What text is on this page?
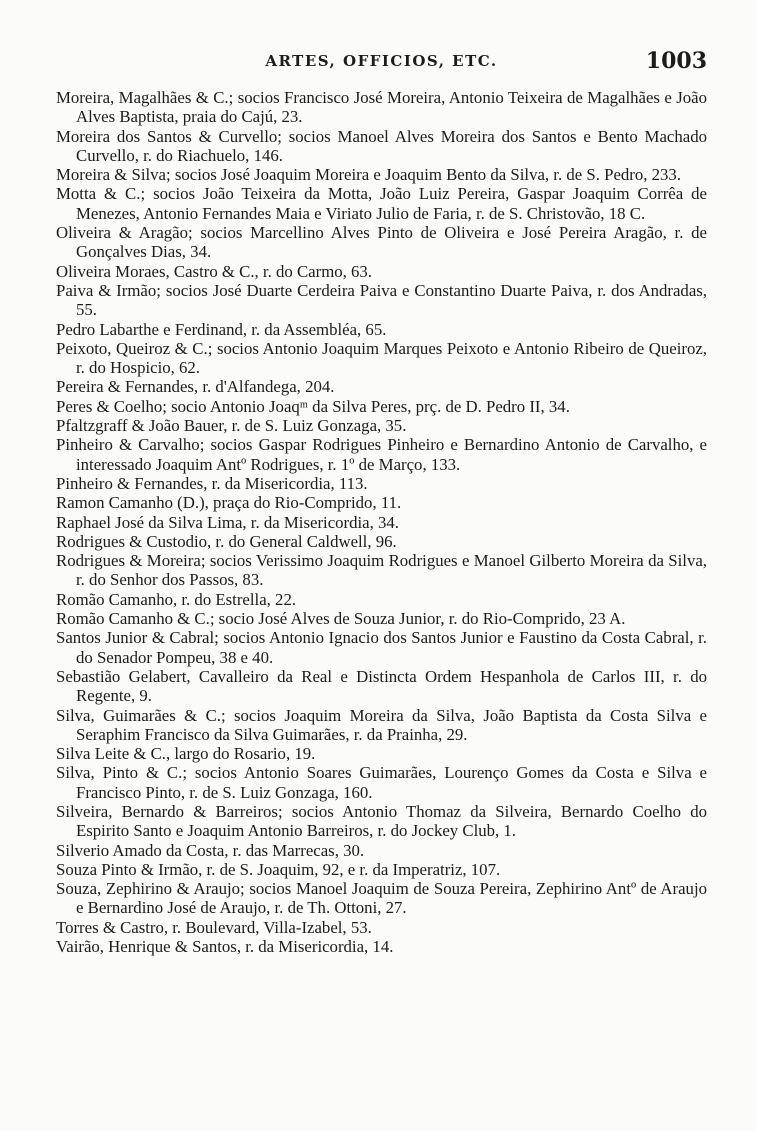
ARTES, OFFICIOS, ETC.	1003
Moreira, Magalhães & C.; socios Francisco José Moreira, Antonio Teixeira de Magalhães e João Alves Baptista, praia do Cajú, 23.
Moreira dos Santos & Curvello; socios Manoel Alves Moreira dos Santos e Bento Machado Curvello, r. do Riachuelo, 146.
Moreira & Silva; socios José Joaquim Moreira e Joaquim Bento da Silva, r. de S. Pedro, 233.
Motta & C.; socios João Teixeira da Motta, João Luiz Pereira, Gaspar Joaquim Corrêa de Menezes, Antonio Fernandes Maia e Viriato Julio de Faria, r. de S. Christovão, 18 C.
Oliveira & Aragão; socios Marcellino Alves Pinto de Oliveira e José Pereira Aragão, r. de Gonçalves Dias, 34.
Oliveira Moraes, Castro & C., r. do Carmo, 63.
Paiva & Irmão; socios José Duarte Cerdeira Paiva e Constantino Duarte Paiva, r. dos Andradas, 55.
Pedro Labarthe e Ferdinand, r. da Assembléa, 65.
Peixoto, Queiroz & C.; socios Antonio Joaquim Marques Peixoto e Antonio Ribeiro de Queiroz, r. do Hospicio, 62.
Pereira & Fernandes, r. d'Alfandega, 204.
Peres & Coelho; socio Antonio Joaqᵐ da Silva Peres, prç. de D. Pedro II, 34.
Pfaltzgraff & João Bauer, r. de S. Luiz Gonzaga, 35.
Pinheiro & Carvalho; socios Gaspar Rodrigues Pinheiro e Bernardino Antonio de Carvalho, e interessado Joaquim Antº Rodrigues, r. 1º de Março, 133.
Pinheiro & Fernandes, r. da Misericordia, 113.
Ramon Camanho (D.), praça do Rio-Comprido, 11.
Raphael José da Silva Lima, r. da Misericordia, 34.
Rodrigues & Custodio, r. do General Caldwell, 96.
Rodrigues & Moreira; socios Verissimo Joaquim Rodrigues e Manoel Gilberto Moreira da Silva, r. do Senhor dos Passos, 83.
Romão Camanho, r. do Estrella, 22.
Romão Camanho & C.; socio José Alves de Souza Junior, r. do Rio-Comprido, 23 A.
Santos Junior & Cabral; socios Antonio Ignacio dos Santos Junior e Faustino da Costa Cabral, r. do Senador Pompeu, 38 e 40.
Sebastião Gelabert, Cavalleiro da Real e Distincta Ordem Hespanhola de Carlos III, r. do Regente, 9.
Silva, Guimarães & C.; socios Joaquim Moreira da Silva, João Baptista da Costa Silva e Seraphim Francisco da Silva Guimarães, r. da Prainha, 29.
Silva Leite & C., largo do Rosario, 19.
Silva, Pinto & C.; socios Antonio Soares Guimarães, Lourenço Gomes da Costa e Silva e Francisco Pinto, r. de S. Luiz Gonzaga, 160.
Silveira, Bernardo & Barreiros; socios Antonio Thomaz da Silveira, Bernardo Coelho do Espirito Santo e Joaquim Antonio Barreiros, r. do Jockey Club, 1.
Silverio Amado da Costa, r. das Marrecas, 30.
Souza Pinto & Irmão, r. de S. Joaquim, 92, e r. da Imperatriz, 107.
Souza, Zephirino & Araujo; socios Manoel Joaquim de Souza Pereira, Zephirino Antº de Araujo e Bernardino José de Araujo, r. de Th. Ottoni, 27.
Torres & Castro, r. Boulevard, Villa-Izabel, 53.
Vairão, Henrique & Santos, r. da Misericordia, 14.
